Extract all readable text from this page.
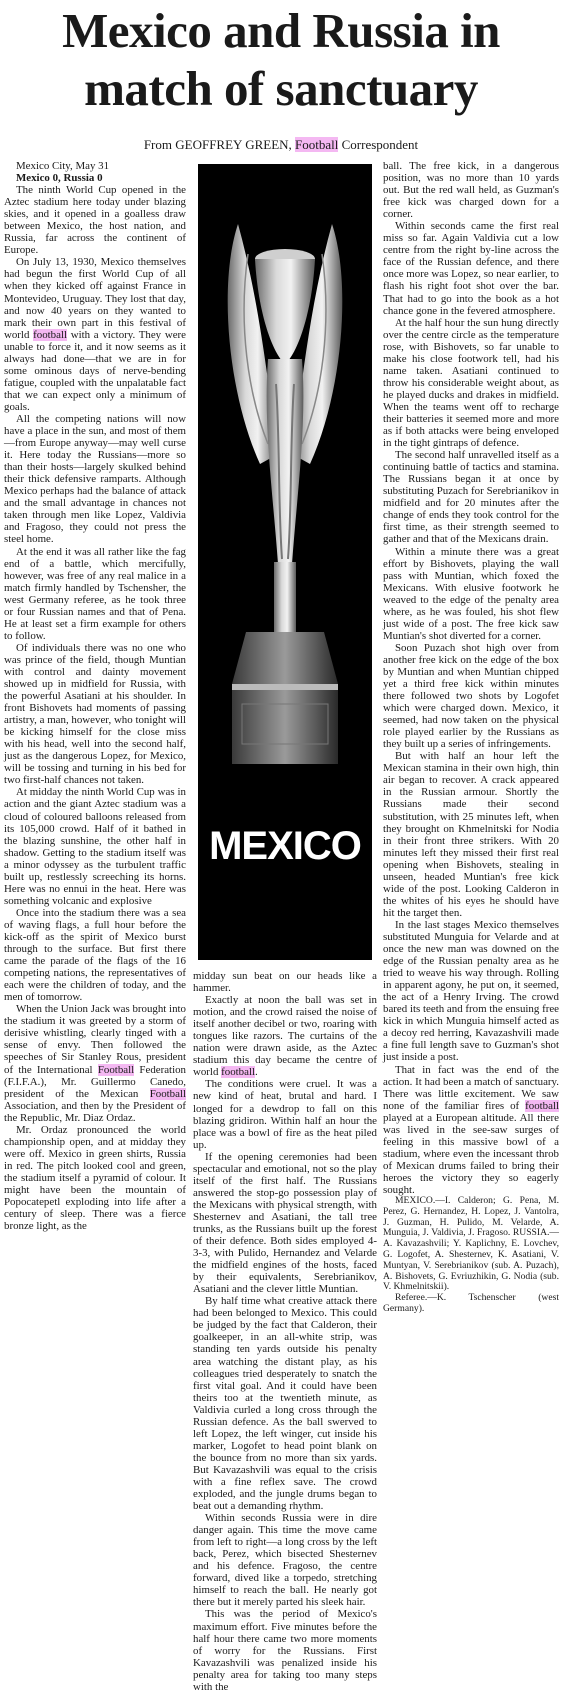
Mexico and Russia in
match of sanctuary
From GEOFFREY GREEN, Football Correspondent
Mexico City, May 31
Mexico 0, Russia 0

The ninth World Cup opened in the Aztec stadium here today under blazing skies, and it opened in a goalless draw between Mexico, the host nation, and Russia, far across the continent of Europe.

On July 13, 1930, Mexico themselves had begun the first World Cup of all when they kicked off against France in Montevideo, Uruguay. They lost that day, and now 40 years on they wanted to mark their own part in this festival of world football with a victory. They were unable to force it, and it now seems as it always had done—that we are in for some ominous days of nerve-bending fatigue, coupled with the unpalatable fact that we can expect only a minimum of goals.

All the competing nations will now have a place in the sun, and most of them—from Europe anyway—may well curse it. Here today the Russians—more so than their hosts—largely skulked behind their thick defensive ramparts. Although Mexico perhaps had the balance of attack and the small advantage in chances not taken through men like Lopez, Valdivia and Fragoso, they could not press the steel home.

At the end it was all rather like the fag end of a battle, which mercifully, however, was free of any real malice in a match firmly handled by Tschensher, the west Germany referee, as he took three or four Russian names and that of Pena. He at least set a firm example for others to follow.

Of individuals there was no one who was prince of the field, though Muntian with control and dainty movement showed up in midfield for Russia, with the powerful Asatiani at his shoulder. In front Bishovets had moments of passing artistry, a man, however, who tonight will be kicking himself for the close miss with his head, well into the second half, just as the dangerous Lopez, for Mexico, will be tossing and turning in his bed for two first-half chances not taken.

At midday the ninth World Cup was in action and the giant Aztec stadium was a cloud of coloured balloons released from its 105,000 crowd. Half of it bathed in the blazing sunshine, the other half in shadow. Getting to the stadium itself was a minor odyssey as the turbulent traffic built up, restlessly screeching its horns. Here was no ennui in the heat. Here was something volcanic and explosive

Once into the stadium there was a sea of waving flags, a full hour before the kick-off as the spirit of Mexico burst through to the surface. But first there came the parade of the flags of the 16 competing nations, the representatives of each were the children of today, and the men of tomorrow.

When the Union Jack was brought into the stadium it was greeted by a storm of derisive whistling, clearly tinged with a sense of envy. Then followed the speeches of Sir Stanley Rous, president of the International Football Federation (F.I.F.A.), Mr. Guillermo Canedo, president of the Mexican Football Association, and then by the President of the Republic, Mr. Diaz Ordaz.

Mr. Ordaz pronounced the world championship open, and at midday they were off. Mexico in green shirts, Russia in red. The pitch looked cool and green, the stadium itself a pyramid of colour. It might have been the mountain of Popocatepetl exploding into life after a century of sleep. There was a fierce bronze light, as the

MEXICO

midday sun beat on our heads like a hammer.

Exactly at noon the ball was set in motion, and the crowd raised the noise of itself another decibel or two, roaring with tongues like razors. The curtains of the nation were drawn aside, as the Aztec stadium this day became the centre of world football.

The conditions were cruel. It was a new kind of heat, brutal and hard. I longed for a dewdrop to fall on this blazing gridiron. Within half an hour the place was a bowl of fire as the heat piled up.

If the opening ceremonies had been spectacular and emotional, not so the play itself of the first half. The Russians answered the stop-go possession play of the Mexicans with physical strength, with Shesternev and Asatiani, the tall tree trunks, as the Russians built up the forest of their defence. Both sides employed 4-3-3, with Pulido, Hernandez and Velarde the midfield engines of the hosts, faced by their equivalents, Serebrianikov, Asatiani and the clever little Muntian.

By half time what creative attack there had been belonged to Mexico. This could be judged by the fact that Calderon, their goalkeeper, in an all-white strip, was standing ten yards outside his penalty area watching the distant play, as his colleagues tried desperately to snatch the first vital goal. And it could have been theirs too at the twentieth minute, as Valdivia curled a long cross through the Russian defence. As the ball swerved to left Lopez, the left winger, cut inside his marker, Logofet to head point blank on the bounce from no more than six yards. But Kavazashvili was equal to the crisis with a fine reflex save. The crowd exploded, and the jungle drums began to beat out a demanding rhythm.

Within seconds Russia were in dire danger again. This time the move came from left to right—a long cross by the left back, Perez, which bisected Shesternev and his defence. Fragoso, the centre forward, dived like a torpedo, stretching himself to reach the ball. He nearly got there but it merely parted his sleek hair.

This was the period of Mexico's maximum effort. Five minutes before the half hour there came two more moments of worry for the Russians. First Kavazashvili was penalized inside his penalty area for taking too many steps with the

ball. The free kick, in a dangerous position, was no more than 10 yards out. But the red wall held, as Guzman's free kick was charged down for a corner.

Within seconds came the first real miss so far. Again Valdivia cut a low centre from the right by-line across the face of the Russian defence, and there once more was Lopez, so near earlier, to flash his right foot shot over the bar. That had to go into the book as a hot chance gone in the fevered atmosphere.

At the half hour the sun hung directly over the centre circle as the temperature rose, with Bishovets, so far unable to make his close footwork tell, had his name taken. Asatiani continued to throw his considerable weight about, as he played ducks and drakes in midfield. When the teams went off to recharge their batteries it seemed more and more as if both attacks were being enveloped in the tight gintraps of defence.

The second half unravelled itself as a continuing battle of tactics and stamina. The Russians began it at once by substituting Puzach for Serebrianikov in midfield and for 20 minutes after the change of ends they took control for the first time, as their strength seemed to gather and that of the Mexicans drain.

Within a minute there was a great effort by Bishovets, playing the wall pass with Muntian, which foxed the Mexicans. With elusive footwork he weaved to the edge of the penalty area where, as he was fouled, his shot flew just wide of a post. The free kick saw Muntian's shot diverted for a corner.

Soon Puzach shot high over from another free kick on the edge of the box by Muntian and when Muntian chipped yet a third free kick within minutes there followed two shots by Logofet which were charged down. Mexico, it seemed, had now taken on the physical role played earlier by the Russians as they built up a series of infringements.

But with half an hour left the Mexican stamina in their own high, thin air began to recover. A crack appeared in the Russian armour. Shortly the Russians made their second substitution, with 25 minutes left, when they brought on Khmelnitski for Nodia in their front three strikers. With 20 minutes left they missed their first real opening when Bishovets, stealing in unseen, headed Muntian's free kick wide of the post. Looking Calderon in the whites of his eyes he should have hit the target then.

In the last stages Mexico themselves substituted Munguia for Velarde and at once the new man was downed on the edge of the Russian penalty area as he tried to weave his way through. Rolling in apparent agony, he put on, it seemed, the act of a Henry Irving. The crowd bared its teeth and from the ensuing free kick in which Munguia himself acted as a decoy red herring, Kavazashvili made a fine full length save to Guzman's shot just inside a post.

That in fact was the end of the action. It had been a match of sanctuary. There was little excitement. We saw none of the familiar fires of football played at a European altitude. All there was lived in the see-saw surges of feeling in this massive bowl of a stadium, where even the incessant throb of Mexican drums failed to bring their heroes the victory they so eagerly sought.

MEXICO.—I. Calderon; G. Pena, M. Perez, G. Hernandez, H. Lopez, J. Vantolra, J. Guzman, H. Pulido, M. Velarde, A. Munguia, J. Valdivia, J. Fragoso. RUSSIA.—A. Kavazashvili; Y. Kaplichny, E. Lovchev, G. Logofet, A. Shesternev, K. Asatiani, V. Muntyan, V. Serebrianikov (sub. A. Puzach), A. Bishovets, G. Evriuzhikin, G. Nodia (sub. V. Khmelnitskii).

Referee.—K. Tschenscher (west Germany).
